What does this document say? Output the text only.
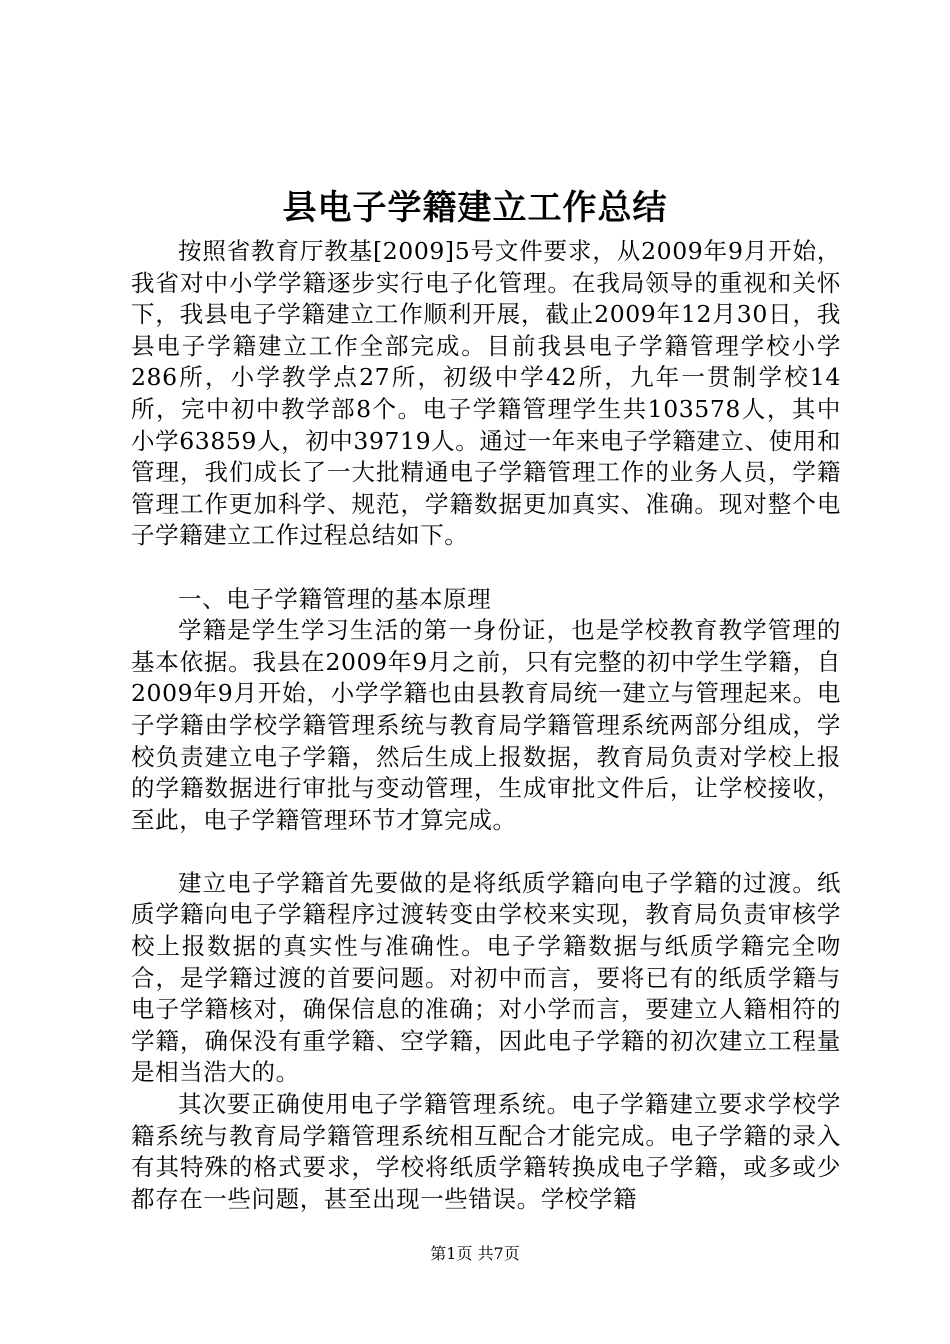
县电子学籍建立工作总结

按照省教育厅教基[2009]5号文件要求，从2009年9月开始，我省对中小学学籍逐步实行电子化管理。在我局领导的重视和关怀下，我县电子学籍建立工作顺利开展，截止2009年12月30日，我县电子学籍建立工作全部完成。目前我县电子学籍管理学校小学286所，小学教学点27所，初级中学42所，九年一贯制学校14所，完中初中教学部8个。电子学籍管理学生共103578人，其中小学63859人，初中39719人。通过一年来电子学籍建立、使用和管理，我们成长了一大批精通电子学籍管理工作的业务人员，学籍管理工作更加科学、规范，学籍数据更加真实、准确。现对整个电子学籍建立工作过程总结如下。

一、电子学籍管理的基本原理

学籍是学生学习生活的第一身份证，也是学校教育教学管理的基本依据。我县在2009年9月之前，只有完整的初中学生学籍，自2009年9月开始，小学学籍也由县教育局统一建立与管理起来。电子学籍由学校学籍管理系统与教育局学籍管理系统两部分组成，学校负责建立电子学籍，然后生成上报数据，教育局负责对学校上报的学籍数据进行审批与变动管理，生成审批文件后，让学校接收，至此，电子学籍管理环节才算完成。

建立电子学籍首先要做的是将纸质学籍向电子学籍的过渡。纸质学籍向电子学籍程序过渡转变由学校来实现，教育局负责审核学校上报数据的真实性与准确性。电子学籍数据与纸质学籍完全吻合，是学籍过渡的首要问题。对初中而言，要将已有的纸质学籍与电子学籍核对，确保信息的准确；对小学而言，要建立人籍相符的学籍，确保没有重学籍、空学籍，因此电子学籍的初次建立工程量是相当浩大的。

其次要正确使用电子学籍管理系统。电子学籍建立要求学校学籍系统与教育局学籍管理系统相互配合才能完成。电子学籍的录入有其特殊的格式要求，学校将纸质学籍转换成电子学籍，或多或少都存在一些问题，甚至出现一些错误。学校学籍

第1页 共7页
